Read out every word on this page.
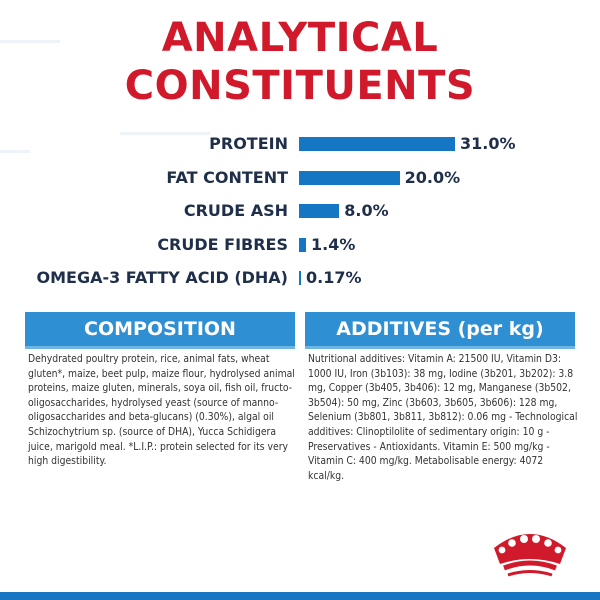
ANALYTICAL
CONSTITUENTS
PROTEIN	31.0%
FAT CONTENT	20.0%
CRUDE ASH	8.0%
CRUDE FIBRES 1.4%
OMEGA-3 FATTY ACID (DHA) 0.17%
COMPOSITION
Dehydrated poultry protein, rice, animal fats, wheat gluten*, maize, beet pulp, maize flour, hydrolysed animal proteins, maize gluten, minerals, soya oil, fish oil, fructo-oligosaccharides, hydrolysed yeast (source of manno-oligosaccharides and beta-glucans) (0.30%), algal oil Schizochytrium sp. (source of DHA), Yucca Schidigera juice, marigold meal. *L.I.P.: protein selected for its very high digestibility.
ADDITIVES (per kg)
Nutritional additives: Vitamin A: 21500 IU, Vitamin D3: 1000 IU, Iron (3b103): 38 mg, Iodine (3b201, 3b202): 3.8 mg, Copper (3b405, 3b406): 12 mg, Manganese (3b502, 3b504): 50 mg, Zinc (3b603, 3b605, 3b606): 128 mg, Selenium (3b801, 3b811, 3b812): 0.06 mg - Technological additives: Clinoptilolite of sedimentary origin: 10 g - Preservatives - Antioxidants. Vitamin E: 500 mg/kg - Vitamin C: 400 mg/kg. Metabolisable energy: 4072 kcal/kg.
